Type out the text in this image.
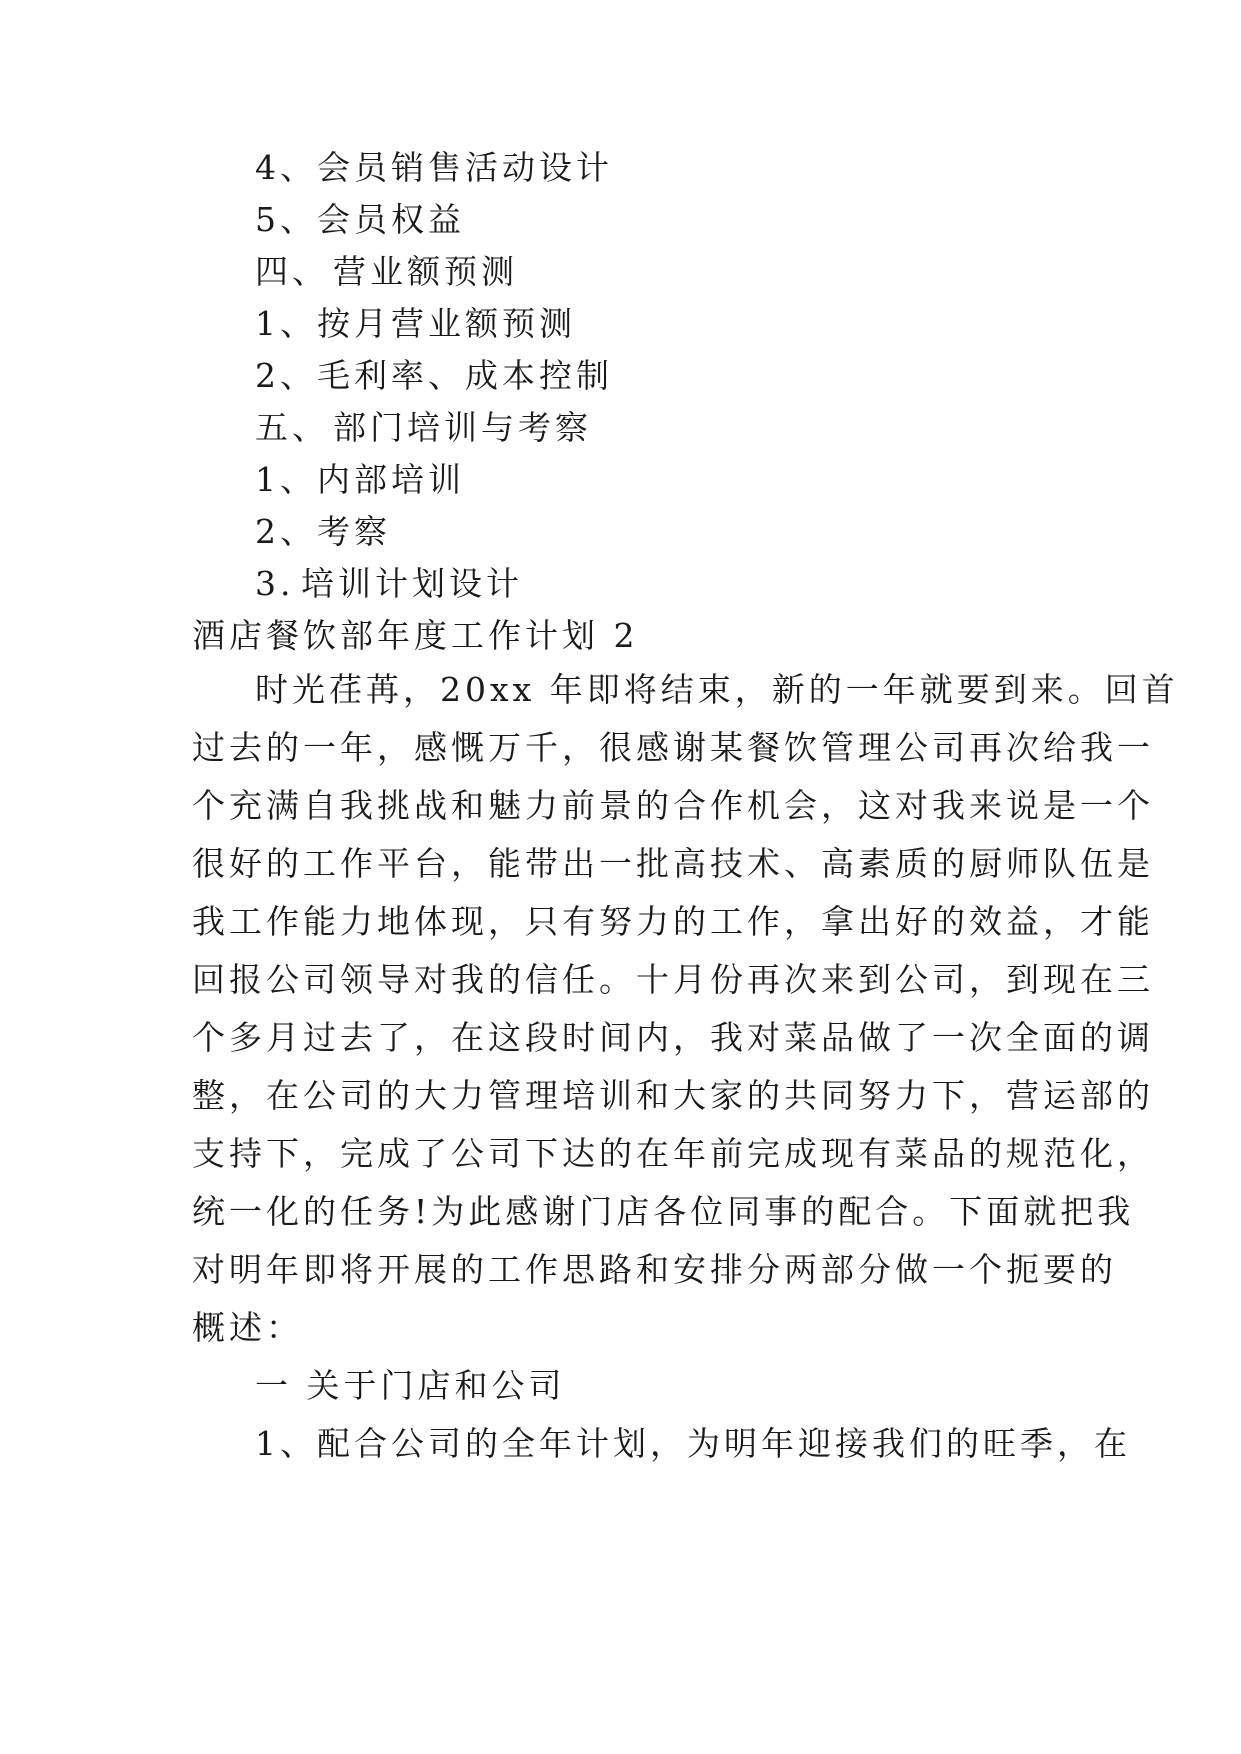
4、会员销售活动设计
5、会员权益
四、 营业额预测
1、按月营业额预测
2、毛利率、成本控制
五、 部门培训与考察
1、内部培训
2、考察
3. 培训计划设计
酒店餐饮部年度工作计划 2
时光荏苒，20xx 年即将结束，新的一年就要到来。回首
过去的一年，感慨万千，很感谢某餐饮管理公司再次给我一
个充满自我挑战和魅力前景的合作机会，这对我来说是一个
很好的工作平台，能带出一批高技术、高素质的厨师队伍是
我工作能力地体现，只有努力的工作，拿出好的效益，才能
回报公司领导对我的信任。十月份再次来到公司，到现在三
个多月过去了，在这段时间内，我对菜品做了一次全面的调
整，在公司的大力管理培训和大家的共同努力下，营运部的
支持下，完成了公司下达的在年前完成现有菜品的规范化，
统一化的任务!为此感谢门店各位同事的配合。下面就把我
对明年即将开展的工作思路和安排分两部分做一个扼要的
概述：
一 关于门店和公司
1、配合公司的全年计划，为明年迎接我们的旺季，在
